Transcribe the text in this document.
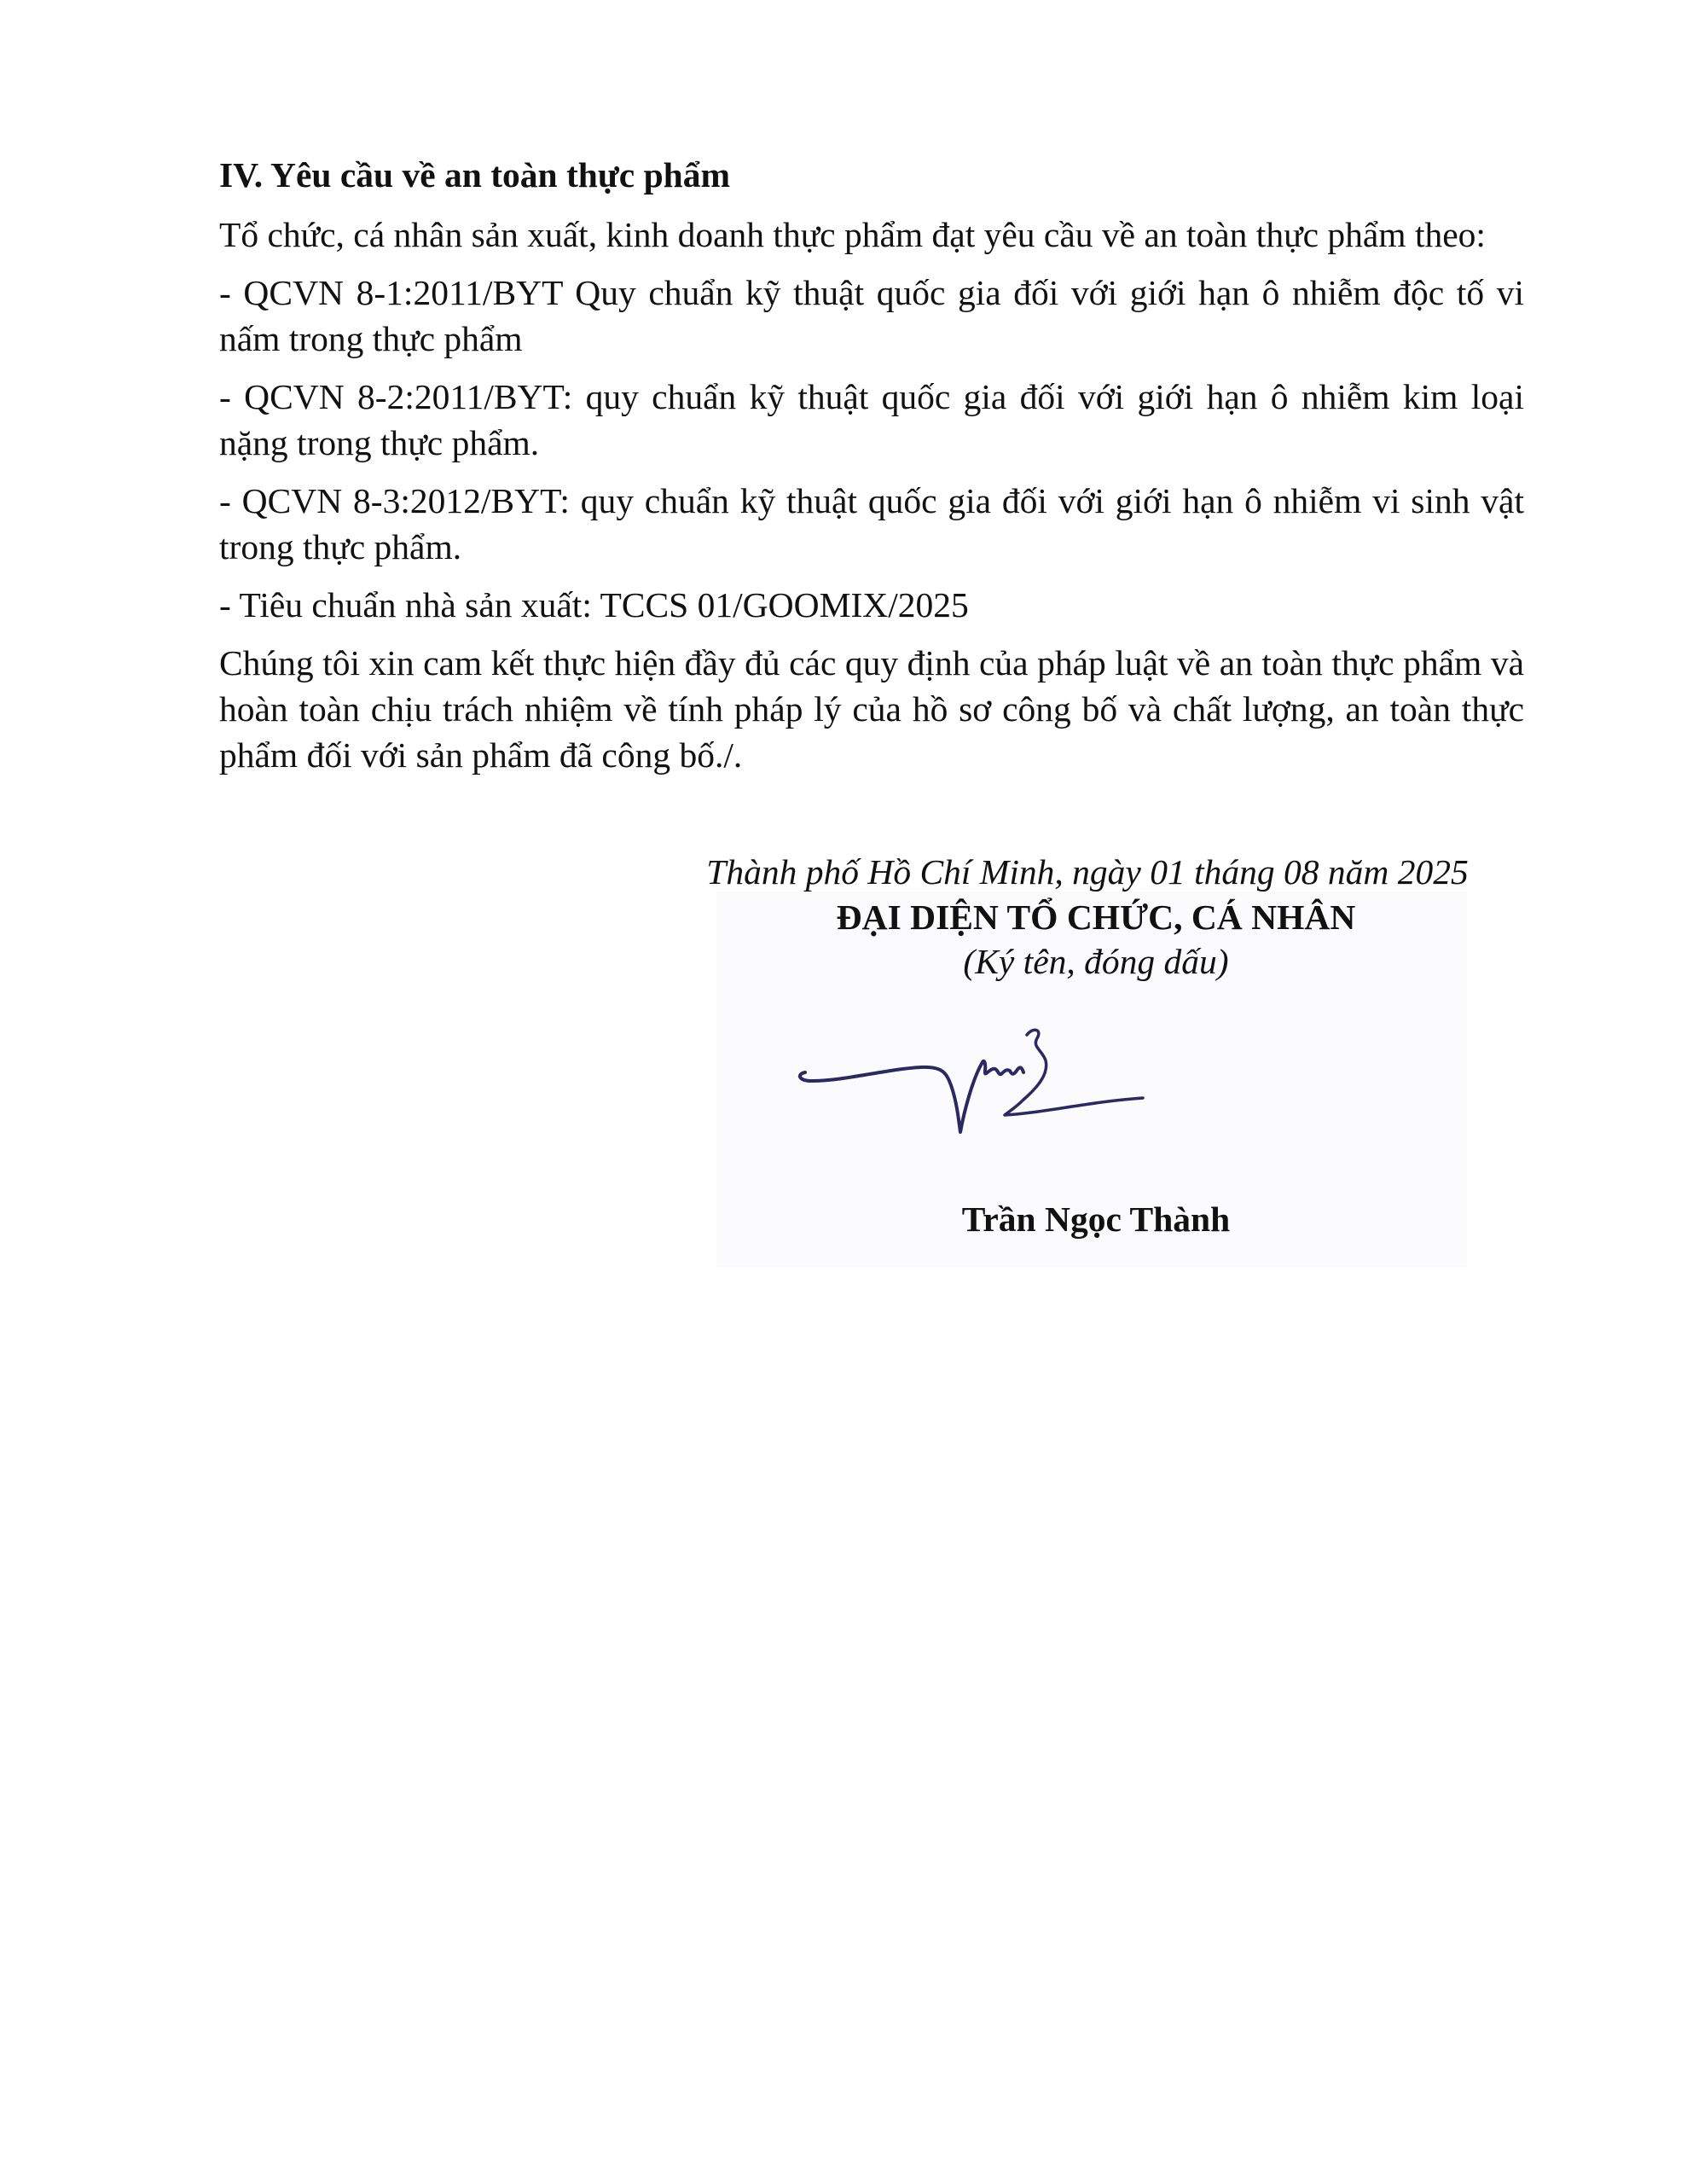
IV. Yêu cầu về an toàn thực phẩm

Tổ chức, cá nhân sản xuất, kinh doanh thực phẩm đạt yêu cầu về an toàn thực phẩm theo:

- QCVN 8-1:2011/BYT Quy chuẩn kỹ thuật quốc gia đối với giới hạn ô nhiễm độc tố vi nấm trong thực phẩm

- QCVN 8-2:2011/BYT: quy chuẩn kỹ thuật quốc gia đối với giới hạn ô nhiễm kim loại nặng trong thực phẩm.

- QCVN 8-3:2012/BYT: quy chuẩn kỹ thuật quốc gia đối với giới hạn ô nhiễm vi sinh vật trong thực phẩm.

- Tiêu chuẩn nhà sản xuất: TCCS 01/GOOMIX/2025

Chúng tôi xin cam kết thực hiện đầy đủ các quy định của pháp luật về an toàn thực phẩm và hoàn toàn chịu trách nhiệm về tính pháp lý của hồ sơ công bố và chất lượng, an toàn thực phẩm đối với sản phẩm đã công bố./.

Thành phố Hồ Chí Minh, ngày 01 tháng 08 năm 2025
ĐẠI DIỆN TỔ CHỨC, CÁ NHÂN
(Ký tên, đóng dấu)
Trần Ngọc Thành
